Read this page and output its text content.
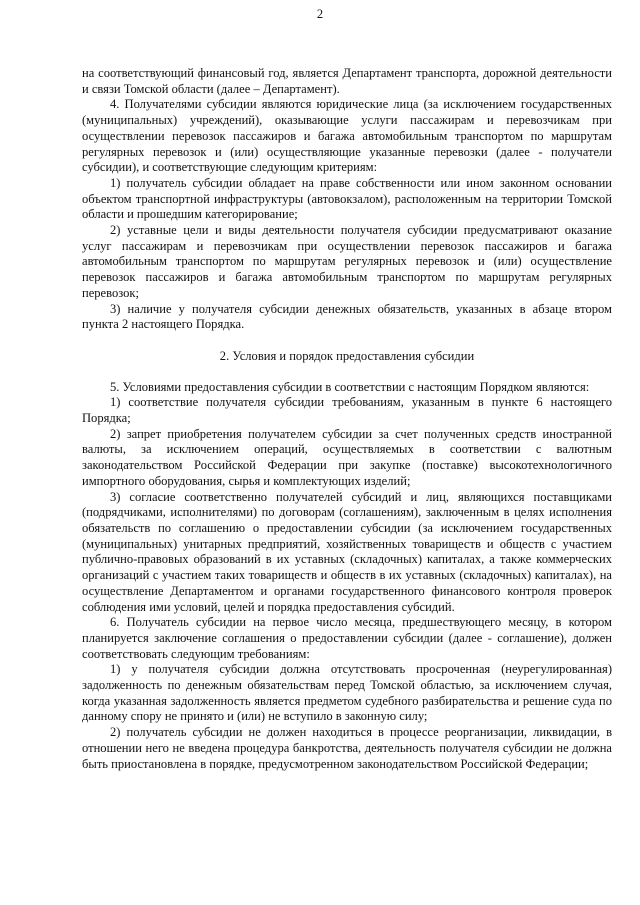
2

на соответствующий финансовый год, является Департамент транспорта, дорожной деятельности и связи Томской области (далее – Департамент).

4. Получателями субсидии являются юридические лица (за исключением государственных (муниципальных) учреждений), оказывающие услуги пассажирам и перевозчикам при осуществлении перевозок пассажиров и багажа автомобильным транспортом по маршрутам регулярных перевозок и (или) осуществляющие указанные перевозки (далее - получатели субсидии), и соответствующие следующим критериям:

1) получатель субсидии обладает на праве собственности или ином законном основании объектом транспортной инфраструктуры (автовокзалом), расположенным на территории Томской области и прошедшим категорирование;

2) уставные цели и виды деятельности получателя субсидии предусматривают оказание услуг пассажирам и перевозчикам при осуществлении перевозок пассажиров и багажа автомобильным транспортом по маршрутам регулярных перевозок и (или) осуществление перевозок пассажиров и багажа автомобильным транспортом по маршрутам регулярных перевозок;

3) наличие у получателя субсидии денежных обязательств, указанных в абзаце втором пункта 2 настоящего Порядка.

2. Условия и порядок предоставления субсидии

5. Условиями предоставления субсидии в соответствии с настоящим Порядком являются:

1) соответствие получателя субсидии требованиям, указанным в пункте 6 настоящего Порядка;

2) запрет приобретения получателем субсидии за счет полученных средств иностранной валюты, за исключением операций, осуществляемых в соответствии с валютным законодательством Российской Федерации при закупке (поставке) высокотехнологичного импортного оборудования, сырья и комплектующих изделий;

3) согласие соответственно получателей субсидий и лиц, являющихся поставщиками (подрядчиками, исполнителями) по договорам (соглашениям), заключенным в целях исполнения обязательств по соглашению о предоставлении субсидии (за исключением государственных (муниципальных) унитарных предприятий, хозяйственных товариществ и обществ с участием публично-правовых образований в их уставных (складочных) капиталах, а также коммерческих организаций с участием таких товариществ и обществ в их уставных (складочных) капиталах), на осуществление Департаментом и органами государственного финансового контроля проверок соблюдения ими условий, целей и порядка предоставления субсидий.

6. Получатель субсидии на первое число месяца, предшествующего месяцу, в котором планируется заключение соглашения о предоставлении субсидии (далее - соглашение), должен соответствовать следующим требованиям:

1) у получателя субсидии должна отсутствовать просроченная (неурегулированная) задолженность по денежным обязательствам перед Томской областью, за исключением случая, когда указанная задолженность является предметом судебного разбирательства и решение суда по данному спору не принято и (или) не вступило в законную силу;

2) получатель субсидии не должен находиться в процессе реорганизации, ликвидации, в отношении него не введена процедура банкротства, деятельность получателя субсидии не должна быть приостановлена в порядке, предусмотренном законодательством Российской Федерации;
